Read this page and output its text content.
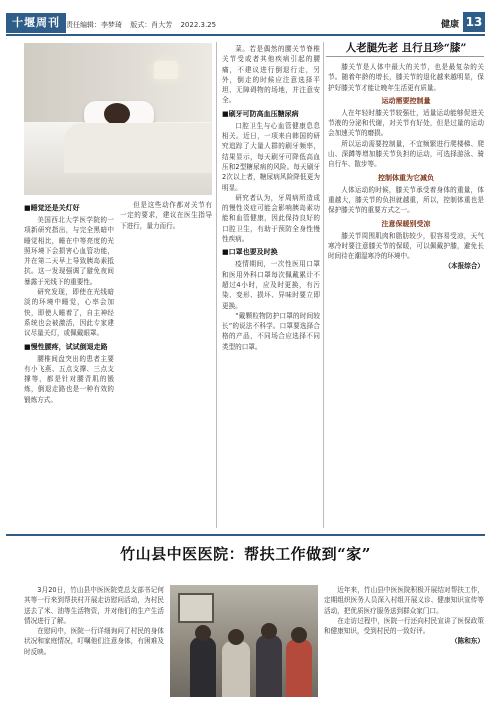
十堰周刊 责任编辑：李梦琦 版式：肖大芳 2022.3.25	健康 13
■睡觉还是关灯好

美国西北大学医学院的一项新研究指出，与完全黑暗中睡觉相比，睡在中等亮度的光照环境下会损害心血管功能，并在第二天早上导致胰岛素抵抗。这一发现强调了避免夜间暴露于光线下的重要性。

研究发现，即使在光线暗淡的环境中睡觉，心率会加快，即使人睡着了，自主神经系统也会被激活，因此专家建议尽量关灯，或佩戴眼罩。

■慢性腰疼，试试倒退走路

腰椎间盘突出的患者主要有小飞燕、五点支撑、三点支撑等，都是针对腰背肌的锻炼，倒退走路也是一种有效的锻炼方式。

但是这些动作都对关节有一定的要求，建议在医生指导下进行，量力而行。

菜。若是偶然的腰关节脊椎关节受或者其他疾病引起的腰痛，不建议进行倒退行走，另外，倒走的时候应注意选择平坦、无障碍物的场地，并注意安全。

■刷牙可防高血压糖尿病

口腔卫生与心血管健康息息相关。近日，一项来自韩国的研究追踪了大量人群的刷牙频率，结果显示，每天刷牙可降低高血压和2型糖尿病的风险。每天刷牙2次以上者，糖尿病风险降低更为明显。

研究者认为，牙周病所造成的慢性炎症可能会影响胰岛素功能和血管健康，因此保持良好的口腔卫生，有助于预防全身性慢性疾病。

■口罩也要及时换

疫情期间，一次性医用口罩和医用外科口罩每次佩戴累计不超过4小时，应及时更换，有污染、变形、损坏、异味时要立即更换。

“戴颗粒物防护口罩的时间较长”的说法不科学。口罩要选择合格的产品，不同场合应选择不同类型的口罩。

人老腿先老 且行且珍“膝”

膝关节是人体中最大的关节，也是最复杂的关节。随着年龄的增长，膝关节的退化越来越明显，保护好膝关节才能让晚年生活更有质量。

运动需要控制量

人在年轻时膝关节较强壮，适量运动能够促进关节液的分泌和代谢，对关节有好处，但是过量的运动会加速关节的磨损。

所以运动需要控制量，不宜频繁进行爬楼梯、爬山、深蹲等增加膝关节负担的运动，可选择游泳、骑自行车、散步等。

控制体重为它减负

人体运动的时候，膝关节承受着身体的重量，体重越大，膝关节的负担就越重，所以，控制体重也是保护膝关节的重要方式之一。

注意保暖别受凉

膝关节周围肌肉和脂肪较少，很容易受凉，天气寒冷时要注意膝关节的保暖，可以佩戴护膝，避免长时间待在潮湿寒冷的环境中。

（本报综合）
竹山县中医医院：帮扶工作做到“家”

3月20日，竹山县中医医院党总支部书记何其等一行来到帮扶村开展走访慰问活动，为村民送去了米、油等生活物资，并对他们的生产生活情况进行了解。

在慰问中，医院一行详细询问了村民的身体状况和家庭情况，叮嘱他们注意身体，有困难及时反映。

近年来，竹山县中医医院积极开展结对帮扶工作，定期组织医务人员深入村组开展义诊、健康知识宣传等活动，把优质医疗服务送到群众家门口。

在走访过程中，医院一行还向村民宣讲了医保政策和健康知识，受到村民的一致好评。

（陈和东）
